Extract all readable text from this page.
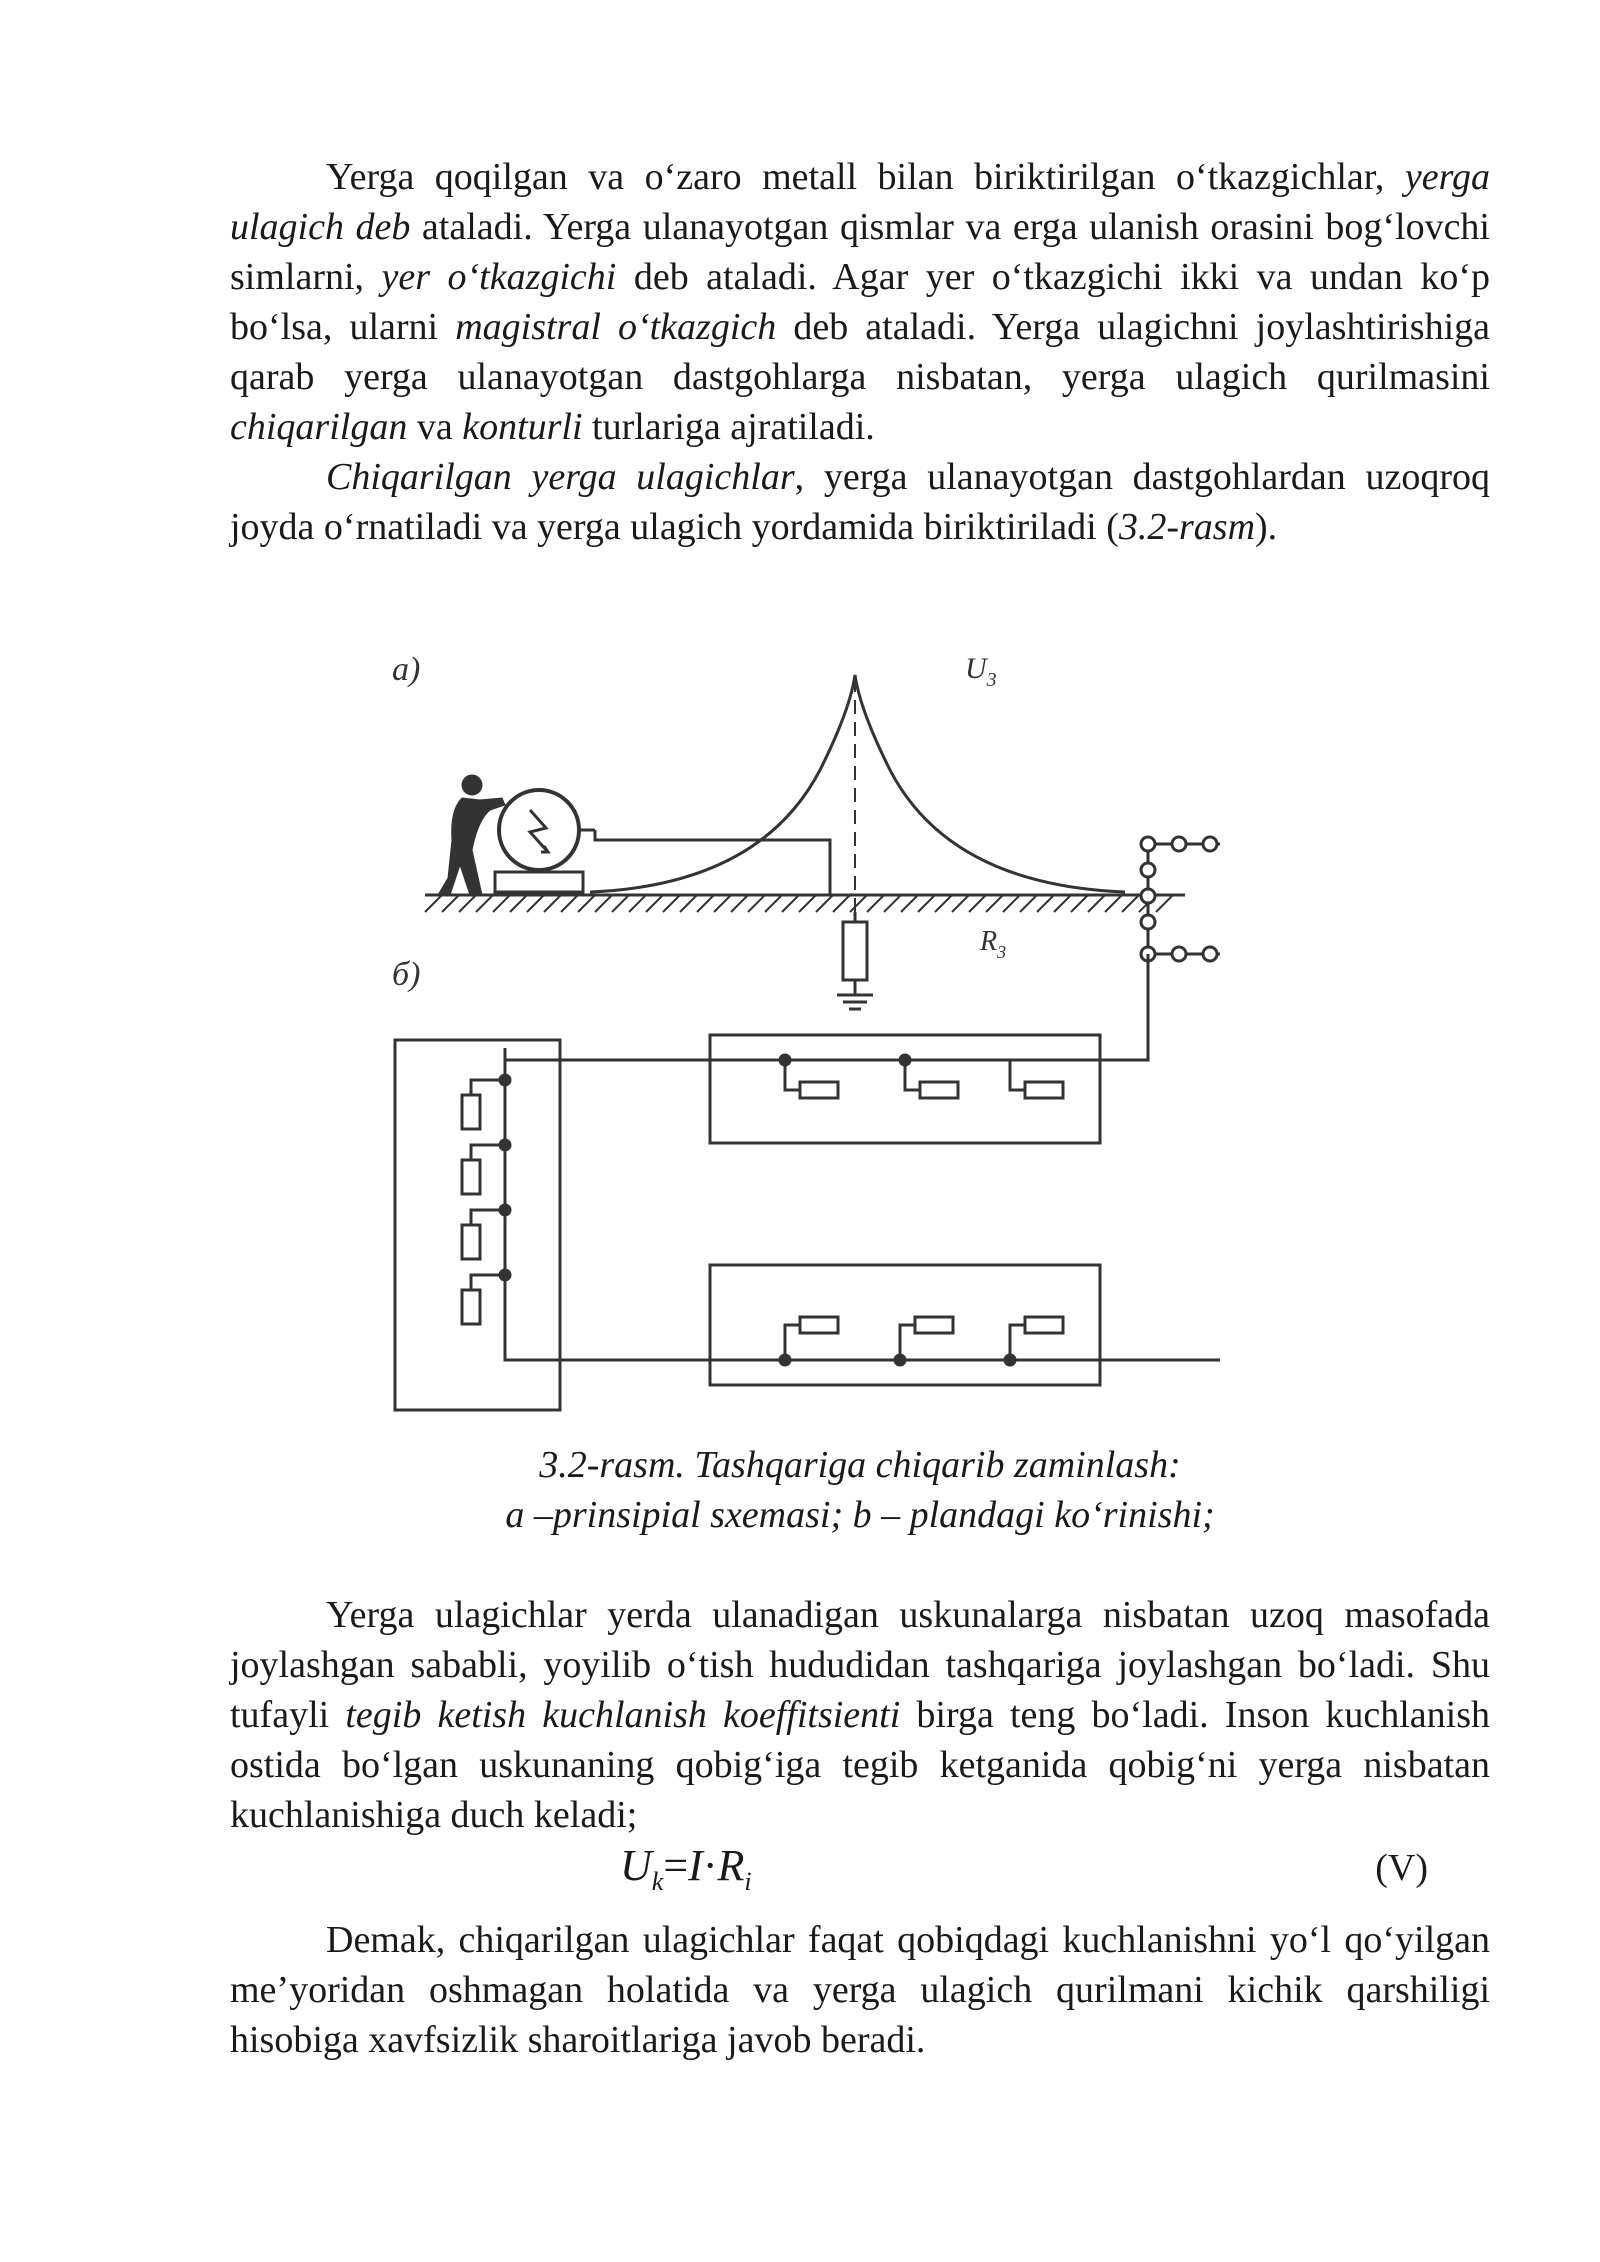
Yerga qoqilgan va o‘zaro metall bilan biriktirilgan o‘tkazgichlar, yerga ulagich deb ataladi. Yerga ulanayotgan qismlar va erga ulanish orasini bog‘lovchi simlarni, yer o‘tkazgichi deb ataladi. Agar yer o‘tkazgichi ikki va undan ko‘p bo‘lsa, ularni magistral o‘tkazgich deb ataladi. Yerga ulagichni joylashtirishiga qarab yerga ulanayotgan dastgohlarga nisbatan, yerga ulagich qurilmasini chiqarilgan va konturli turlariga ajratiladi.

Chiqarilgan yerga ulagichlar, yerga ulanayotgan dastgohlardan uzoqroq joyda o‘rnatiladi va yerga ulagich yordamida biriktiriladi (3.2-rasm).

a)
б)
$U_3$
$R_3$
3.2-rasm. Tashqariga chiqarib zaminlash:
a –prinsipial sxemasi; b – plandagi ko‘rinishi;

Yerga ulagichlar yerda ulanadigan uskunalarga nisbatan uzoq masofada joylashgan sababli, yoyilib o‘tish hududidan tashqariga joylashgan bo‘ladi. Shu tufayli tegib ketish kuchlanish koeffitsienti birga teng bo‘ladi. Inson kuchlanish ostida bo‘lgan uskunaning qobig‘iga tegib ketganida qobig‘ni yerga nisbatan kuchlanishiga duch keladi;

$U_k=I\cdot R_i$	(V)

Demak, chiqarilgan ulagichlar faqat qobiqdagi kuchlanishni yo‘l qo‘yilgan me’yoridan oshmagan holatida va yerga ulagich qurilmani kichik qarshiligi hisobiga xavfsizlik sharoitlariga javob beradi.
